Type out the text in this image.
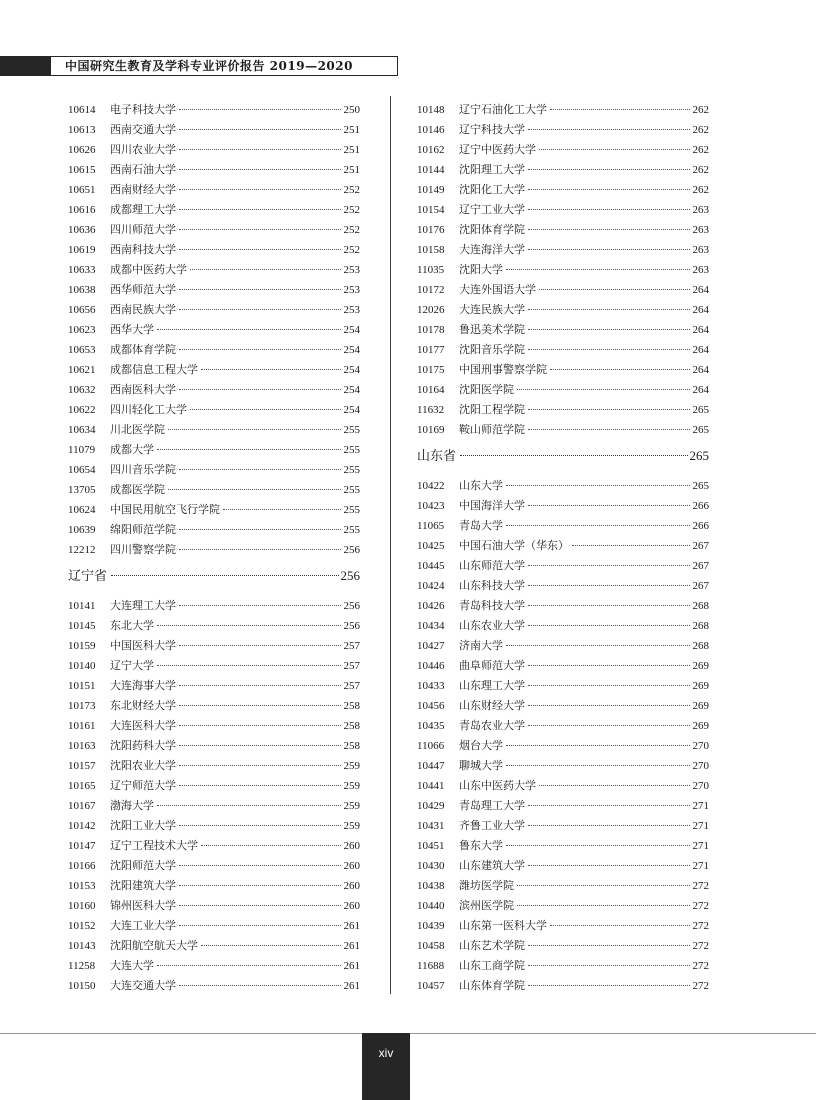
中国研究生教育及学科专业评价报告 2019—2020
10614	电子科技大学	250
10613	西南交通大学	251
10626	四川农业大学	251
10615	西南石油大学	251
10651	西南财经大学	252
10616	成都理工大学	252
10636	四川师范大学	252
10619	西南科技大学	252
10633	成都中医药大学	253
10638	西华师范大学	253
10656	西南民族大学	253
10623	西华大学	254
10653	成都体育学院	254
10621	成都信息工程大学	254
10632	西南医科大学	254
10622	四川轻化工大学	254
10634	川北医学院	255
11079	成都大学	255
10654	四川音乐学院	255
13705	成都医学院	255
10624	中国民用航空飞行学院	255
10639	绵阳师范学院	255
12212	四川警察学院	256
辽宁省	256
10141	大连理工大学	256
10145	东北大学	256
10159	中国医科大学	257
10140	辽宁大学	257
10151	大连海事大学	257
10173	东北财经大学	258
10161	大连医科大学	258
10163	沈阳药科大学	258
10157	沈阳农业大学	259
10165	辽宁师范大学	259
10167	渤海大学	259
10142	沈阳工业大学	259
10147	辽宁工程技术大学	260
10166	沈阳师范大学	260
10153	沈阳建筑大学	260
10160	锦州医科大学	260
10152	大连工业大学	261
10143	沈阳航空航天大学	261
11258	大连大学	261
10150	大连交通大学	261
10148	辽宁石油化工大学	262
10146	辽宁科技大学	262
10162	辽宁中医药大学	262
10144	沈阳理工大学	262
10149	沈阳化工大学	262
10154	辽宁工业大学	263
10176	沈阳体育学院	263
10158	大连海洋大学	263
11035	沈阳大学	263
10172	大连外国语大学	264
12026	大连民族大学	264
10178	鲁迅美术学院	264
10177	沈阳音乐学院	264
10175	中国刑事警察学院	264
10164	沈阳医学院	264
11632	沈阳工程学院	265
10169	鞍山师范学院	265
山东省	265
10422	山东大学	265
10423	中国海洋大学	266
11065	青岛大学	266
10425	中国石油大学（华东）	267
10445	山东师范大学	267
10424	山东科技大学	267
10426	青岛科技大学	268
10434	山东农业大学	268
10427	济南大学	268
10446	曲阜师范大学	269
10433	山东理工大学	269
10456	山东财经大学	269
10435	青岛农业大学	269
11066	烟台大学	270
10447	聊城大学	270
10441	山东中医药大学	270
10429	青岛理工大学	271
10431	齐鲁工业大学	271
10451	鲁东大学	271
10430	山东建筑大学	271
10438	潍坊医学院	272
10440	滨州医学院	272
10439	山东第一医科大学	272
10458	山东艺术学院	272
11688	山东工商学院	272
10457	山东体育学院	272
xiv
